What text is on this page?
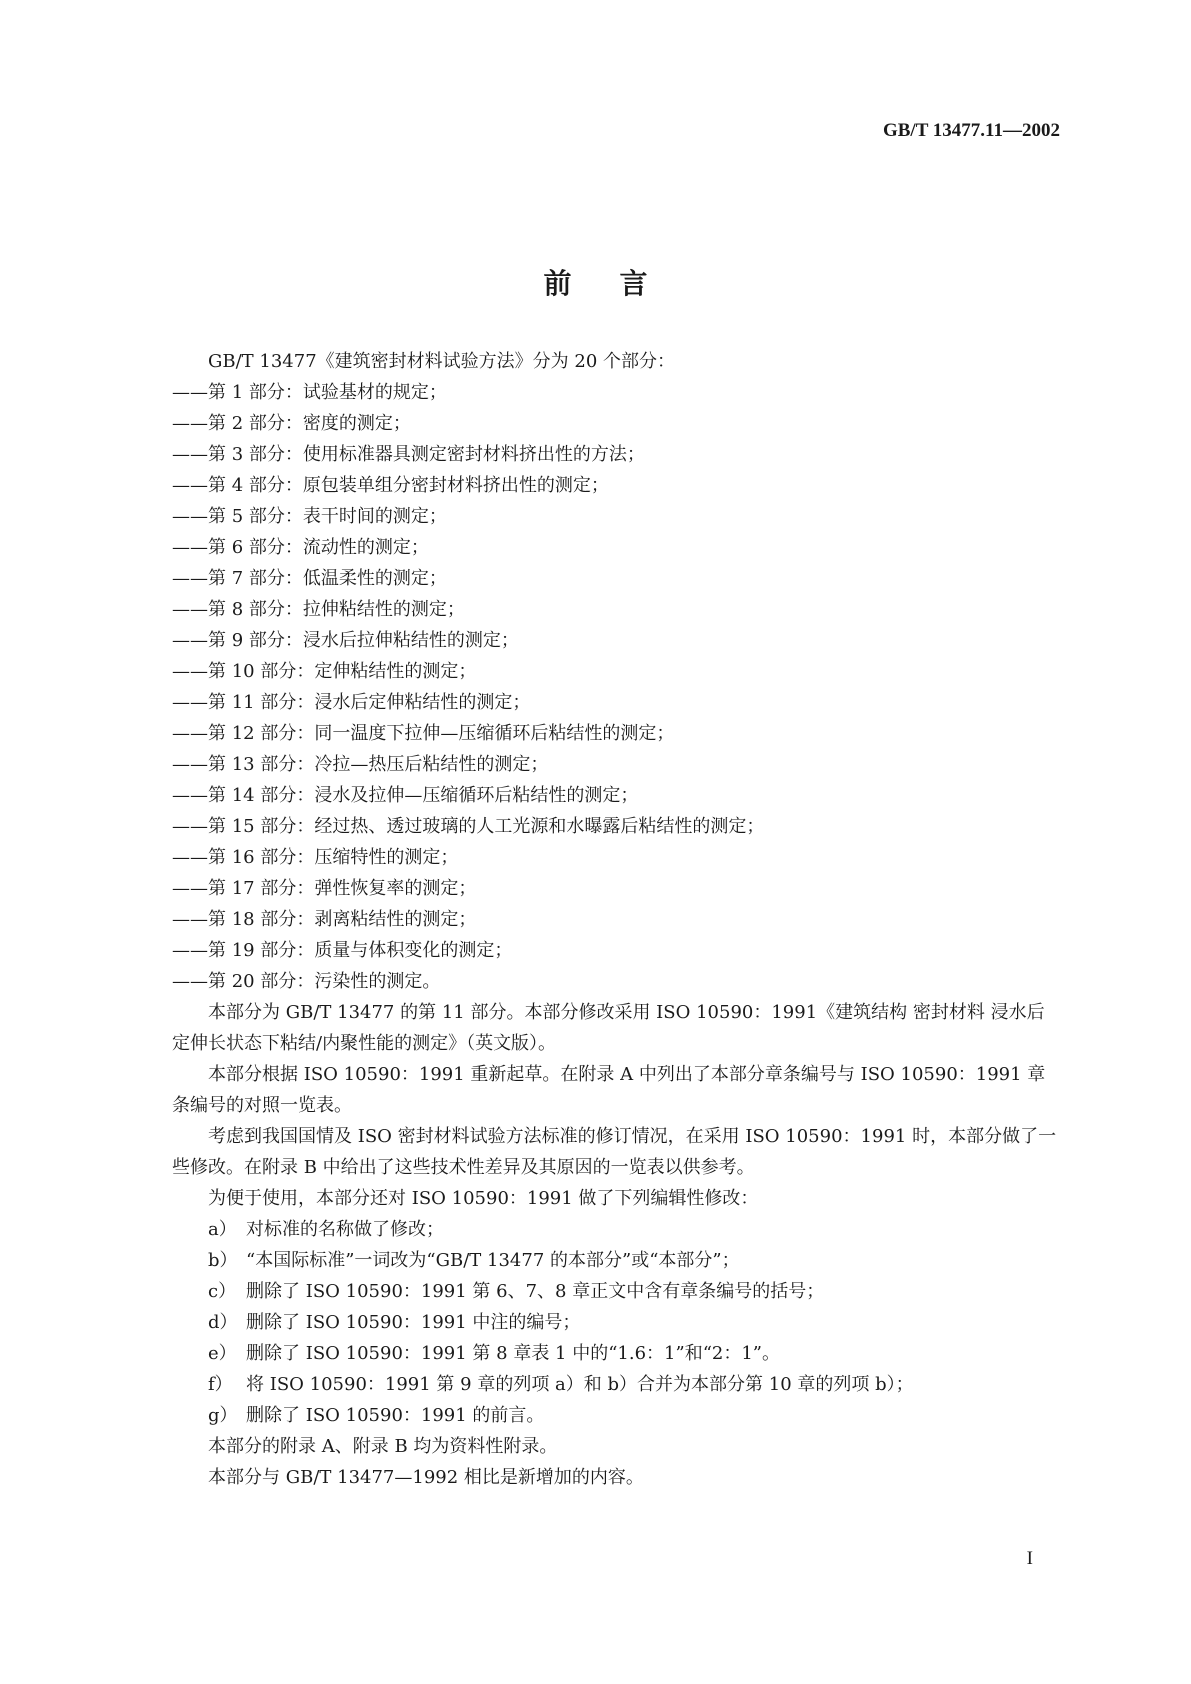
GB/T 13477.11—2002
前言

GB/T 13477《建筑密封材料试验方法》分为 20 个部分：

——第 1 部分：试验基材的规定；

——第 2 部分：密度的测定；

——第 3 部分：使用标准器具测定密封材料挤出性的方法；

——第 4 部分：原包装单组分密封材料挤出性的测定；

——第 5 部分：表干时间的测定；

——第 6 部分：流动性的测定；

——第 7 部分：低温柔性的测定；

——第 8 部分：拉伸粘结性的测定；

——第 9 部分：浸水后拉伸粘结性的测定；

——第 10 部分：定伸粘结性的测定；

——第 11 部分：浸水后定伸粘结性的测定；

——第 12 部分：同一温度下拉伸—压缩循环后粘结性的测定；

——第 13 部分：冷拉—热压后粘结性的测定；

——第 14 部分：浸水及拉伸—压缩循环后粘结性的测定；

——第 15 部分：经过热、透过玻璃的人工光源和水曝露后粘结性的测定；

——第 16 部分：压缩特性的测定；

——第 17 部分：弹性恢复率的测定；

——第 18 部分：剥离粘结性的测定；

——第 19 部分：质量与体积变化的测定；

——第 20 部分：污染性的测定。

本部分为 GB/T 13477 的第 11 部分。本部分修改采用 ISO 10590：1991《建筑结构 密封材料 浸水后定伸长状态下粘结/内聚性能的测定》（英文版）。

本部分根据 ISO 10590：1991 重新起草。在附录 A 中列出了本部分章条编号与 ISO 10590：1991 章条编号的对照一览表。

考虑到我国国情及 ISO 密封材料试验方法标准的修订情况，在采用 ISO 10590：1991 时，本部分做了一些修改。在附录 B 中给出了这些技术性差异及其原因的一览表以供参考。

为便于使用，本部分还对 ISO 10590：1991 做了下列编辑性修改：

a） 对标准的名称做了修改；

b） “本国际标准”一词改为“GB/T 13477 的本部分”或“本部分”；

c） 删除了 ISO 10590：1991 第 6、7、8 章正文中含有章条编号的括号；

d） 删除了 ISO 10590：1991 中注的编号；

e） 删除了 ISO 10590：1991 第 8 章表 1 中的“1.6：1”和“2：1”。

f） 将 ISO 10590：1991 第 9 章的列项 a）和 b）合并为本部分第 10 章的列项 b）；

g） 删除了 ISO 10590：1991 的前言。

本部分的附录 A、附录 B 均为资料性附录。

本部分与 GB/T 13477—1992 相比是新增加的内容。

I
